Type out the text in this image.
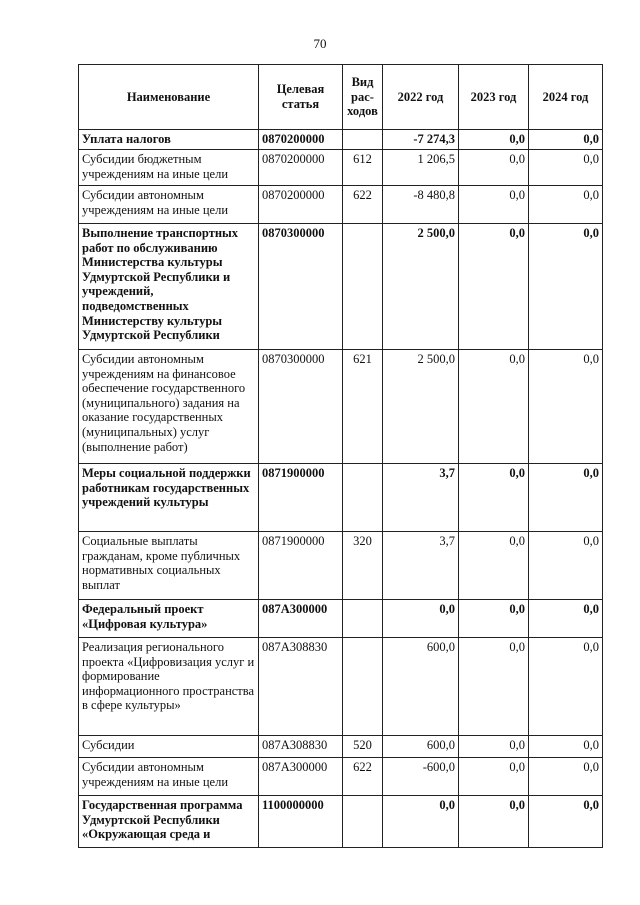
70
Наименование	Целевая статья	Вид рас-ходов	2022 год	2023 год	2024 год
Уплата налогов	0870200000		-7 274,3	0,0	0,0
Субсидии бюджетным учреждениям на иные цели	0870200000	612	1 206,5	0,0	0,0
Субсидии автономным учреждениям на иные цели	0870200000	622	-8 480,8	0,0	0,0
Выполнение транспортных работ по обслуживанию Министерства культуры Удмуртской Республики и учреждений, подведомственных Министерству культуры Удмуртской Республики	0870300000		2 500,0	0,0	0,0
Субсидии автономным учреждениям на финансовое обеспечение государственного (муниципального) задания на оказание государственных (муниципальных) услуг (выполнение работ)	0870300000	621	2 500,0	0,0	0,0
Меры социальной поддержки работникам государственных учреждений культуры	0871900000		3,7	0,0	0,0
Социальные выплаты гражданам, кроме публичных нормативных социальных выплат	0871900000	320	3,7	0,0	0,0
Федеральный проект «Цифровая культура»	087A300000		0,0	0,0	0,0
Реализация регионального проекта «Цифровизация услуг и формирование информационного пространства в сфере культуры»	087A308830		600,0	0,0	0,0
Субсидии	087A308830	520	600,0	0,0	0,0
Субсидии автономным учреждениям на иные цели	087A300000	622	-600,0	0,0	0,0
Государственная программа Удмуртской Республики «Окружающая среда и	1100000000		0,0	0,0	0,0
